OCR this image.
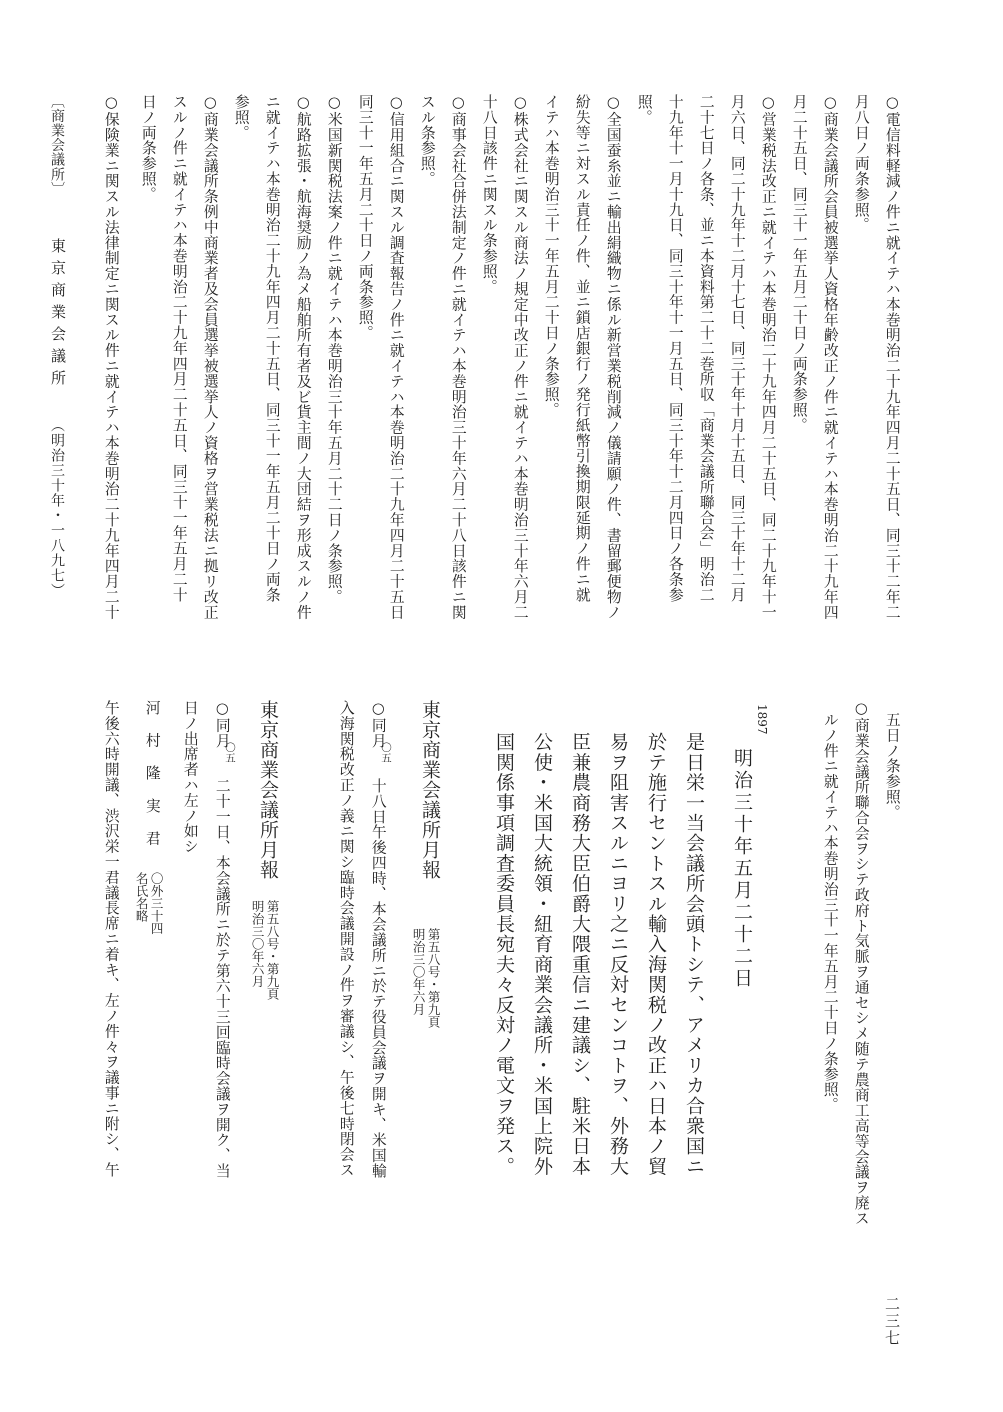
二三七
〔商業会議所〕
東京商業会議所
（明治三十年・一八九七）	○電信料軽減ノ件ニ就イテハ本巻明治二十九年四月二十五日、同三十二年二
月八日ノ両条参照。
○商業会議所会員被選挙人資格年齢改正ノ件ニ就イテハ本巻明治二十九年四
月二十五日、同三十一年五月二十日ノ両条参照。
○営業税法改正ニ就イテハ本巻明治二十九年四月二十五日、同二十九年十一
月六日、同二十九年十二月十七日、同三十年十月十五日、同三十年十二月
二十七日ノ各条、並ニ本資料第二十二巻所収「商業会議所聯合会」明治二
十九年十一月十九日、同三十年十一月五日、同三十年十二月四日ノ各条参
照。
○全国蚕糸並ニ輸出絹織物ニ係ル新営業税削減ノ儀請願ノ件、書留郵便物ノ
紛失等ニ対スル責任ノ件、並ニ鎖店銀行ノ発行紙幣引換期限延期ノ件ニ就
イテハ本巻明治三十一年五月二十日ノ条参照。
○株式会社ニ関スル商法ノ規定中改正ノ件ニ就イテハ本巻明治三十年六月二
十八日該件ニ関スル条参照。
○商事会社合併法制定ノ件ニ就イテハ本巻明治三十年六月二十八日該件ニ関
スル条参照。
○信用組合ニ関スル調査報告ノ件ニ就イテハ本巻明治二十九年四月二十五日
同三十一年五月二十日ノ両条参照。
○米国新関税法案ノ件ニ就イテハ本巻明治三十年五月二十二日ノ条参照。
○航路拡張・航海奨励ノ為メ船舶所有者及ビ貨主間ノ大団結ヲ形成スルノ件
ニ就イテハ本巻明治二十九年四月二十五日、同三十一年五月二十日ノ両条
参照。
○商業会議所条例中商業者及会員選挙被選挙人ノ資格ヲ営業税法ニ拠リ改正
スルノ件ニ就イテハ本巻明治二十九年四月二十五日、同三十一年五月二十
日ノ両条参照。
○保険業ニ関スル法律制定ニ関スル件ニ就イテハ本巻明治二十九年四月二十
五日ノ条参照。
○商業会議所聯合会ヲシテ政府ト気脈ヲ通セシメ随テ農商工高等会議ヲ廃ス
ルノ件ニ就イテハ本巻明治三十一年五月二十日ノ条参照。
1897
明治三十年五月二十二日
是日栄一当会議所会頭トシテ、アメリカ合衆国ニ
於テ施行セントスル輸入海関税ノ改正ハ日本ノ貿
易ヲ阻害スルニヨリ之ニ反対センコトヲ、外務大
臣兼農商務大臣伯爵大隈重信ニ建議シ、駐米日本
公使・米国大統領・紐育商業会議所・米国上院外
国関係事項調査委員長宛夫々反対ノ電文ヲ発ス。
東京商業会議所月報
第五八号・第九頁
明治三〇年六月
○同月
〇五
十八日午後四時、本会議所ニ於テ役員会議ヲ開キ、米国輸
入海関税改正ノ義ニ関シ臨時会議開設ノ件ヲ審議シ、午後七時閉会ス
東京商業会議所月報
第五八号・第九頁
明治三〇年六月
○同月
〇五
二十一日、本会議所ニ於テ第六十三回臨時会議ヲ開ク、当
日ノ出席者ハ左ノ如シ
河　村　隆　実　君
〇外三十四
名氏名略
午後六時開議、渋沢栄一君議長席ニ着キ、左ノ件々ヲ議事ニ附シ、午
